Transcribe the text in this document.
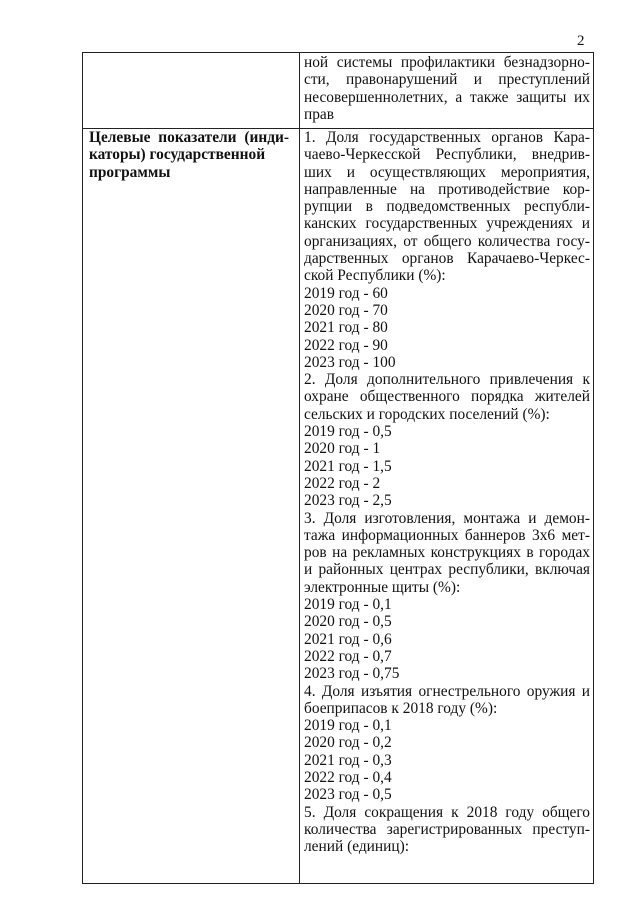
2
ной системы профилактики безнадзорно-
сти, правонарушений и преступлений
несовершеннолетних, а также защиты их
прав
Целевые показатели (инди-
каторы) государственной
программы
1. Доля государственных органов Кара-
чаево-Черкесской Республики, внедрив-
ших и осуществляющих мероприятия,
направленные на противодействие кор-
рупции в подведомственных республи-
канских государственных учреждениях и
организациях, от общего количества госу-
дарственных органов Карачаево-Черкес-
ской Республики (%):
2019 год - 60
2020 год - 70
2021 год - 80
2022 год - 90
2023 год - 100
2. Доля дополнительного привлечения к
охране общественного порядка жителей
сельских и городских поселений (%):
2019 год - 0,5
2020 год - 1
2021 год - 1,5
2022 год - 2
2023 год - 2,5
3. Доля изготовления, монтажа и демон-
тажа информационных баннеров 3х6 мет-
ров на рекламных конструкциях в городах
и районных центрах республики, включая
электронные щиты (%):
2019 год - 0,1
2020 год - 0,5
2021 год - 0,6
2022 год - 0,7
2023 год - 0,75
4. Доля изъятия огнестрельного оружия и
боеприпасов к 2018 году (%):
2019 год - 0,1
2020 год - 0,2
2021 год - 0,3
2022 год - 0,4
2023 год - 0,5
5. Доля сокращения к 2018 году общего
количества зарегистрированных преступ-
лений (единиц):
